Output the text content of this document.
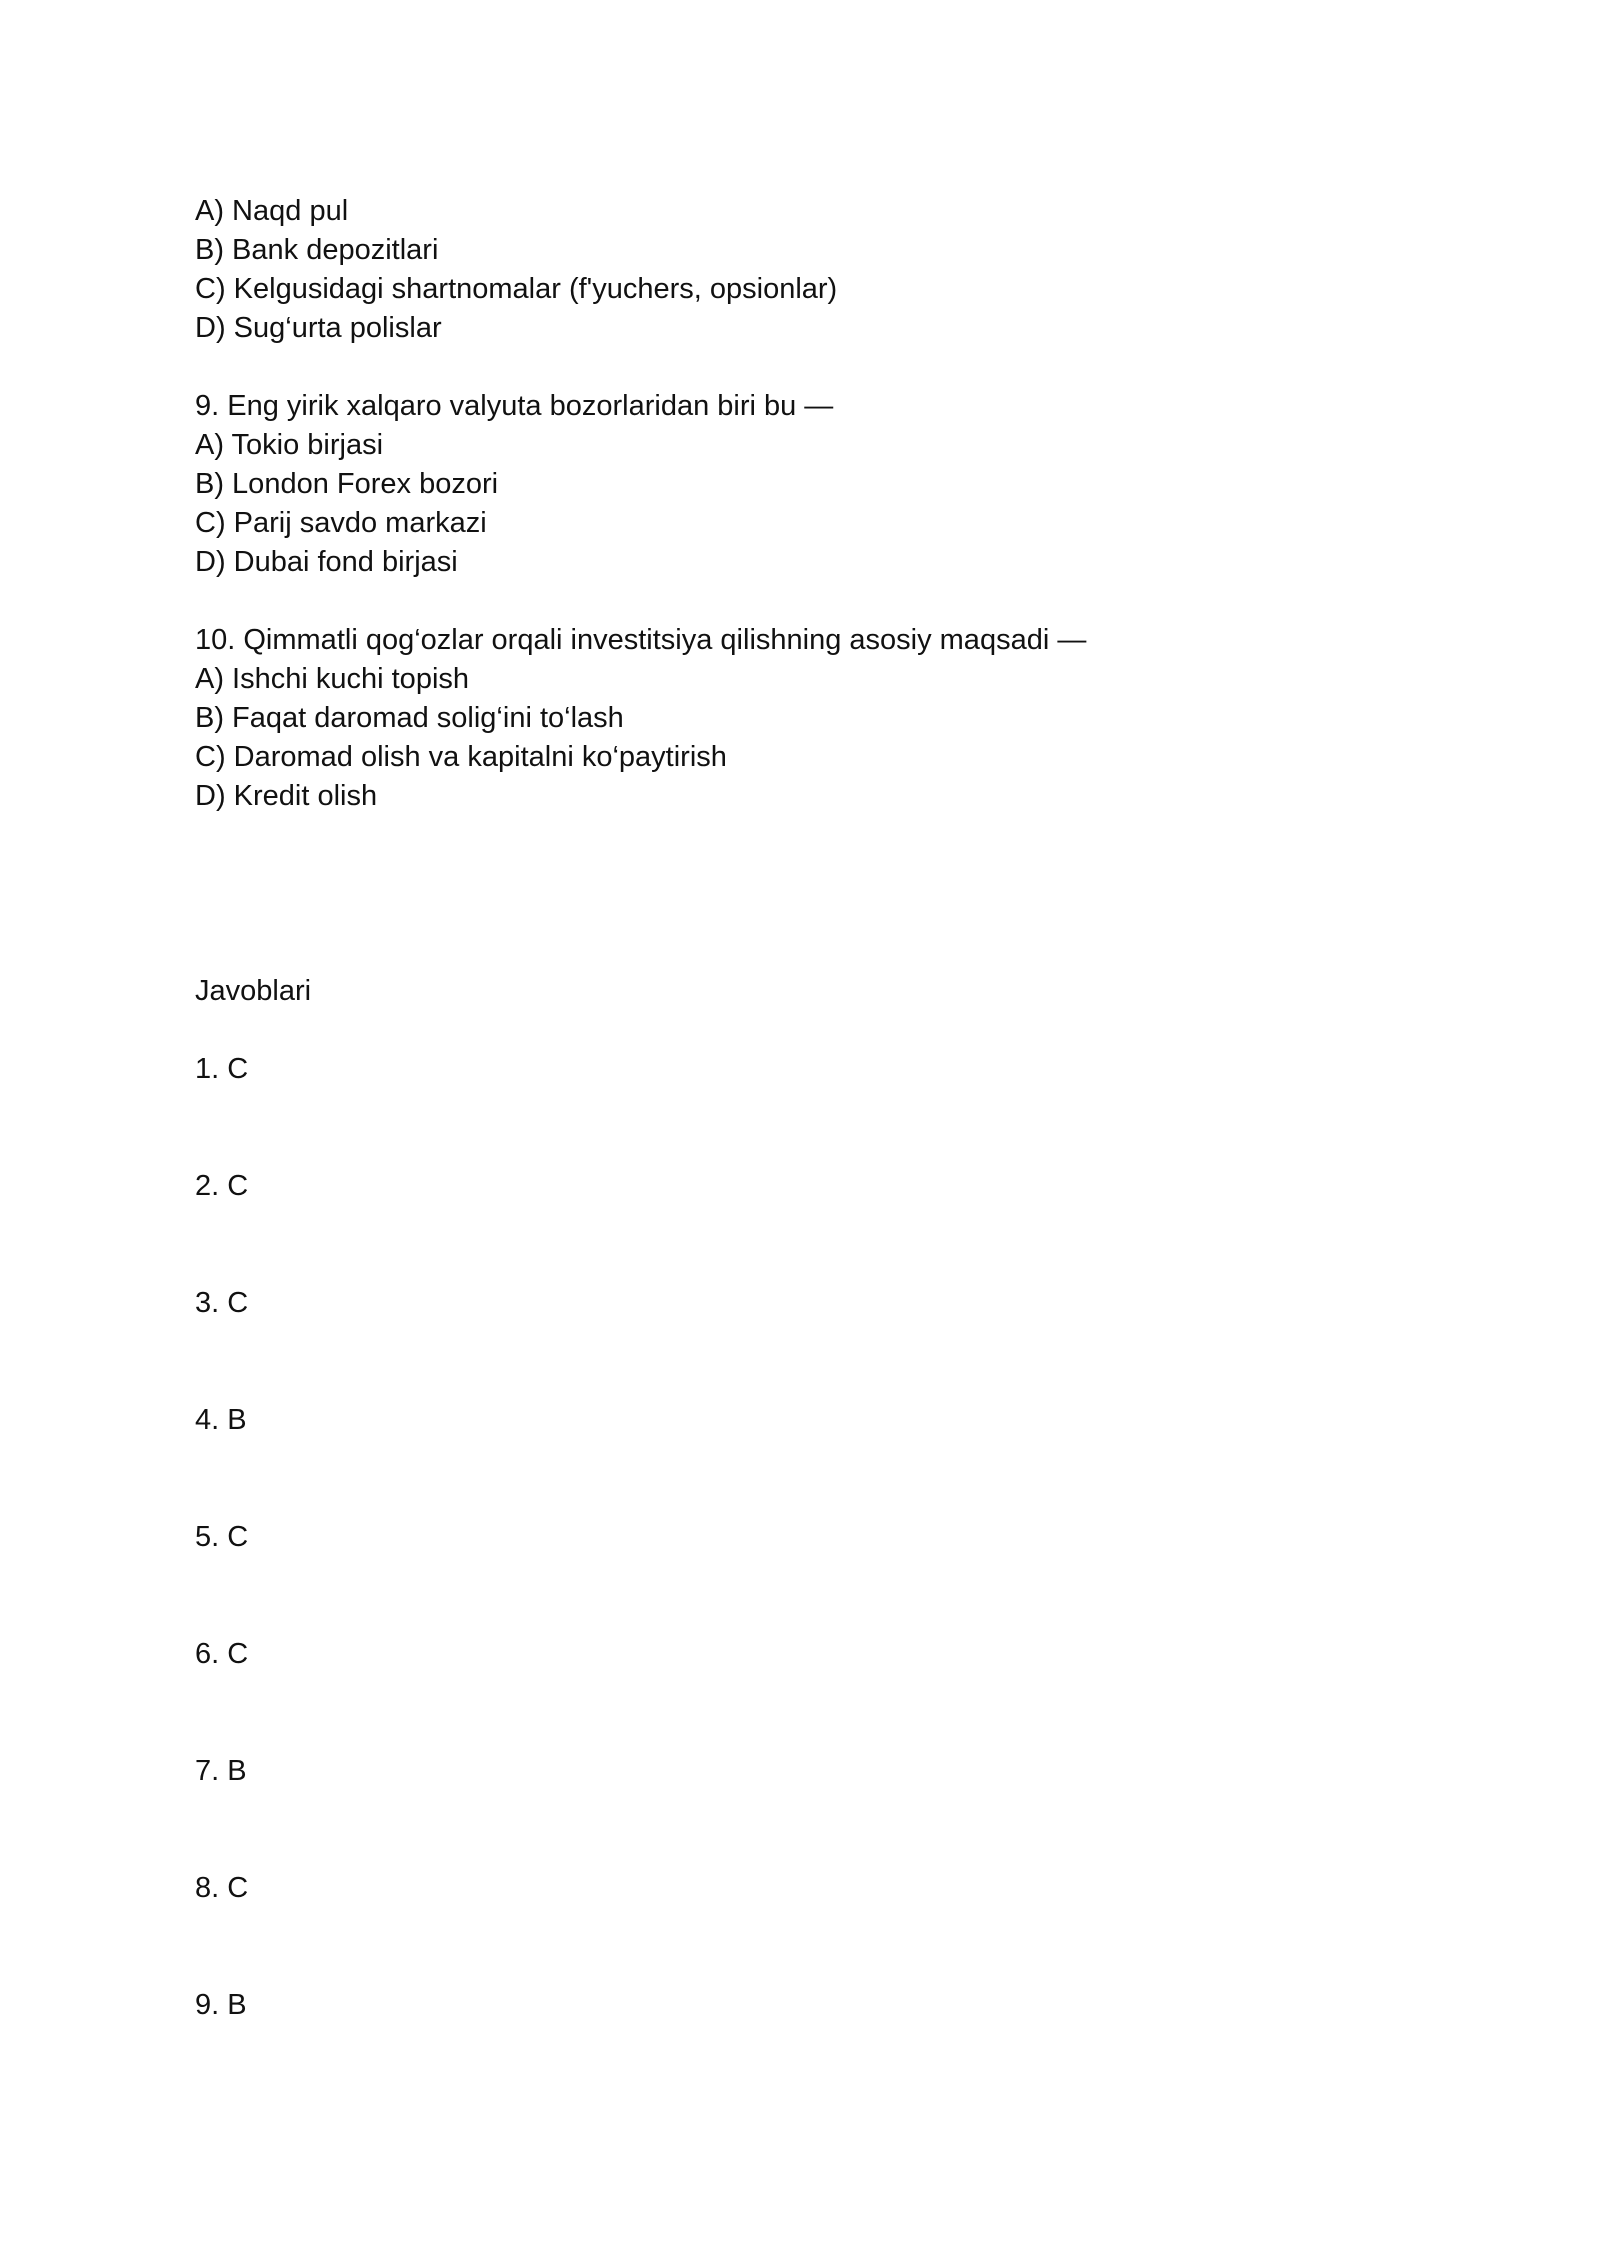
A) Naqd pul
B) Bank depozitlari
C) Kelgusidagi shartnomalar (f'yuchers, opsionlar)
D) Sug‘urta polislar
9. Eng yirik xalqaro valyuta bozorlaridan biri bu —
A) Tokio birjasi
B) London Forex bozori
C) Parij savdo markazi
D) Dubai fond birjasi
10. Qimmatli qog‘ozlar orqali investitsiya qilishning asosiy maqsadi —
A) Ishchi kuchi topish
B) Faqat daromad solig‘ini to‘lash
C) Daromad olish va kapitalni ko‘paytirish
D) Kredit olish
Javoblari
1. C
2. C
3. C
4. B
5. C
6. C
7. B
8. C
9. B
